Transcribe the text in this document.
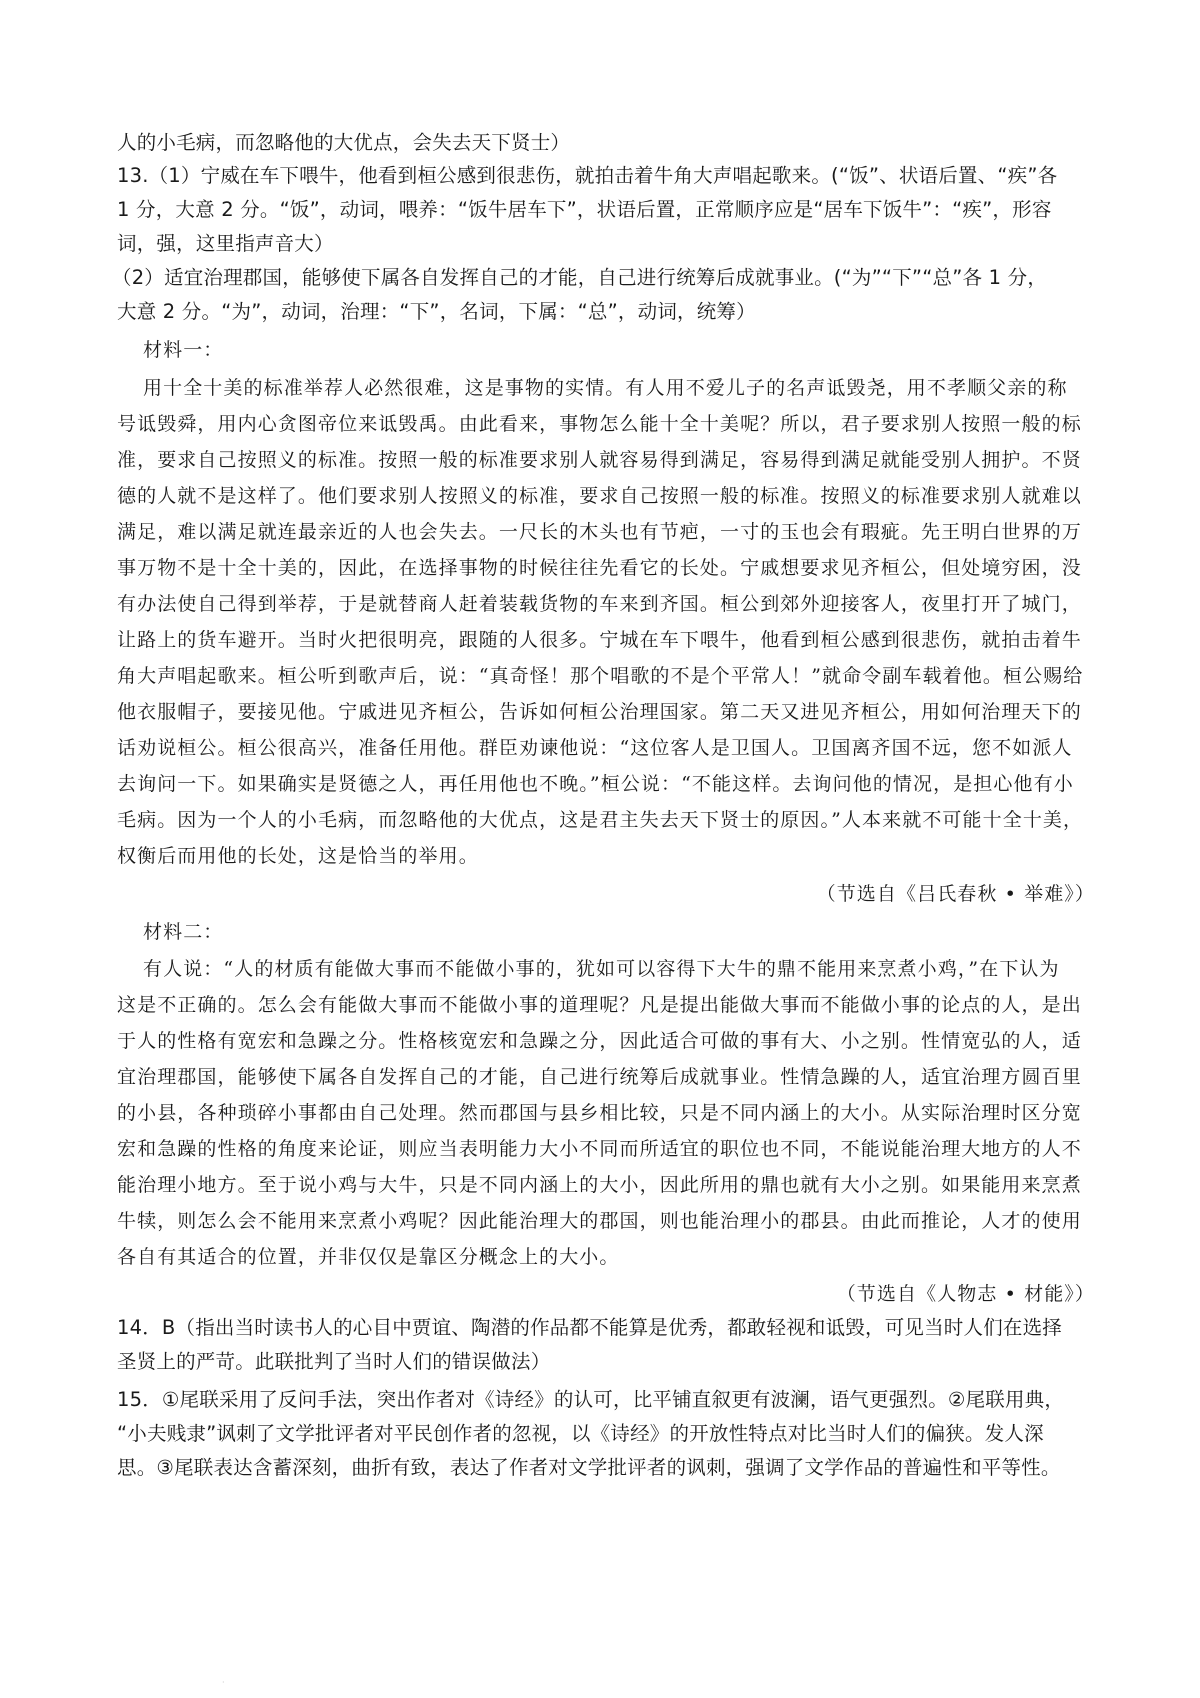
人的小毛病，而忽略他的大优点，会失去天下贤士）
13.（1）宁威在车下喂牛，他看到桓公感到很悲伤，就拍击着牛角大声唱起歌来。(“饭”、状语后置、“疾”各
1 分，大意 2 分。“饭”，动词，喂养：“饭牛居车下”，状语后置，正常顺序应是“居车下饭牛”：“疾”，形容
词，强，这里指声音大）
（2）适宜治理郡国，能够使下属各自发挥自己的才能，自己进行统筹后成就事业。(“为”“下”“总”各 1 分，
大意 2 分。“为”，动词，治理：“下”，名词，下属：“总”，动词，统筹）
材料一：
用十全十美的标准举荐人必然很难，这是事物的实情。有人用不爱儿子的名声诋毁尧，用不孝顺父亲的称
号诋毁舜，用内心贪图帝位来诋毁禹。由此看来，事物怎么能十全十美呢？所以，君子要求别人按照一般的标
准，要求自己按照义的标准。按照一般的标准要求别人就容易得到满足，容易得到满足就能受别人拥护。不贤
德的人就不是这样了。他们要求别人按照义的标准，要求自己按照一般的标准。按照义的标准要求别人就难以
满足，难以满足就连最亲近的人也会失去。一尺长的木头也有节疤，一寸的玉也会有瑕疵。先王明白世界的万
事万物不是十全十美的，因此，在选择事物的时候往往先看它的长处。宁戚想要求见齐桓公，但处境穷困，没
有办法使自己得到举荐，于是就替商人赶着装载货物的车来到齐国。桓公到郊外迎接客人，夜里打开了城门，
让路上的货车避开。当时火把很明亮，跟随的人很多。宁城在车下喂牛，他看到桓公感到很悲伤，就拍击着牛
角大声唱起歌来。桓公听到歌声后，说：“真奇怪！那个唱歌的不是个平常人！”就命令副车载着他。桓公赐给
他衣服帽子，要接见他。宁戚进见齐桓公，告诉如何桓公治理国家。第二天又进见齐桓公，用如何治理天下的
话劝说桓公。桓公很高兴，准备任用他。群臣劝谏他说：“这位客人是卫国人。卫国离齐国不远，您不如派人
去询问一下。如果确实是贤德之人，再任用他也不晚。”桓公说：“不能这样。去询问他的情况，是担心他有小
毛病。因为一个人的小毛病，而忽略他的大优点，这是君主失去天下贤士的原因。”人本来就不可能十全十美，
权衡后而用他的长处，这是恰当的举用。
（节选自《吕氏春秋 • 举难》）
材料二：
有人说：“人的材质有能做大事而不能做小事的，犹如可以容得下大牛的鼎不能用来烹煮小鸡，”在下认为
这是不正确的。怎么会有能做大事而不能做小事的道理呢？凡是提出能做大事而不能做小事的论点的人，是出
于人的性格有宽宏和急躁之分。性格核宽宏和急躁之分，因此适合可做的事有大、小之别。性情宽弘的人，适
宜治理郡国，能够使下属各自发挥自己的才能，自己进行统筹后成就事业。性情急躁的人，适宜治理方圆百里
的小县，各种琐碎小事都由自己处理。然而郡国与县乡相比较，只是不同内涵上的大小。从实际治理时区分宽
宏和急躁的性格的角度来论证，则应当表明能力大小不同而所适宜的职位也不同，不能说能治理大地方的人不
能治理小地方。至于说小鸡与大牛，只是不同内涵上的大小，因此所用的鼎也就有大小之别。如果能用来烹煮
牛犊，则怎么会不能用来烹煮小鸡呢？因此能治理大的郡国，则也能治理小的郡县。由此而推论，人才的使用
各自有其适合的位置，并非仅仅是靠区分概念上的大小。
（节选自《人物志 • 材能》）
14．B（指出当时读书人的心目中贾谊、陶潜的作品都不能算是优秀，都敢轻视和诋毁，可见当时人们在选择
圣贤上的严苛。此联批判了当时人们的错误做法）
15．①尾联采用了反问手法，突出作者对《诗经》的认可，比平铺直叙更有波澜，语气更强烈。②尾联用典，
“小夫贱隶”讽刺了文学批评者对平民创作者的忽视，以《诗经》的开放性特点对比当时人们的偏狭。发人深
思。③尾联表达含蓄深刻，曲折有致，表达了作者对文学批评者的讽刺，强调了文学作品的普遍性和平等性。
·
